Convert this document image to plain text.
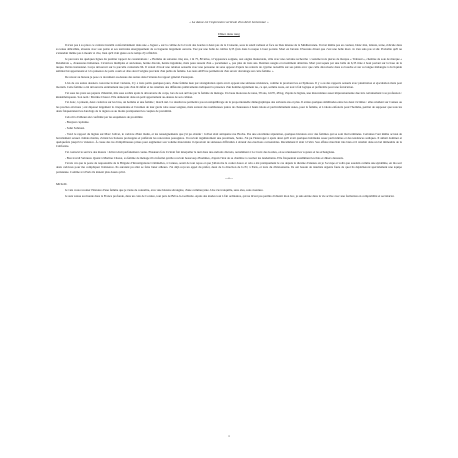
« La danse est l'expression verticale d'un désir horizontal. »
Dîner dans rang

Il n'est pas à sa place ce cadavre installé confortablement dans une « Jaguar » sur la colline de la Croix des Gardes à deux pas de la Croisette, sous le soleil radieux et face au bleu intense de la Méditerranée. Il n'est même pas en couleur, blanc mat, laiteux, terne, ridicule dans sa tenue débraillée, absente avec son patrie et ses testicules énergiquement de sa baguette largement ouverte. Tué par une balle de calibre 6,35 (très dans la nuque à bout portant. Mort en buvant. D'aucuns diront que c'est une belle mort. Je n'en suis pas si sûr. Probable qu'il ne s'attendait même pas à mourir si vite, bien qu'il n'ait guère eu le temps d'y réfléchir.

Je parcours les quelques lignes du premier rapport de constatations : « Homme de soixante cinq ans, 1 m 75, 80 kilos, à l'apparence soignée, aux ongles manucurés, vêtu avec une certaine recherche : costume trois pièces de marque « Trabaud », chemise de soie de marque « Désidérata », chaussures italiennes. Cicatrices multiples et anciennes, hernie discale, hernie inguinale, mais peau ressent d'un « pacemaker », pas plus de trois ans. Dentiers usagés et récemment détartrés. Mort provoquée par une balle de 6,35 tirée à bout portant sur la base de la nuque. Décès instantané. Corps découvert sur la parcelle cadastrale 96. Il venait d'avoir une relation sexuelle avec une personne de sexe opposé d'après les relevés de cyprine recueillis sur ses pénis avec que celle découverte dans sa bouche et sur sa langue mélangée à du liquide séminal lui appartenant et à la présence de poils courts et drus dont l'origine provient d'un pubis de femme. Les tests ADN ne permettront d'en savoir davantage sur cette femme. »

De retour au bureau je pose ce document au-dessus des autres dans l'attente du rapport général d'autopsie.

L'un de ces autres dossiers concerne la mort violente, il y a trois petits quelques jours, d'une femme tuée par strangulation après avoir opposé une sérieuse résistance, comme le prouvent les ecchymoses. Il y a eu des rapports sexuels avec pénétration et ejaculation mais post mortem. Cette femme a été découverte entièrement nue près d'un lit défait et les résultats des différents prélèvements indiquent la présence d'un homme également nu, ce qui, somme toute, est tout à fait logique et préférable pour une fornication.

J'ai sous les yeux ses papiers d'identité, mis sous scellés après la découverte du corps, lors de son arrivée par la femme de ménage. Un beau monceau de nana, 58 ans, 1m70, 48 kg, d'après le légiste, une musculature assez impressionnante due très certainement à sa profession : kinésithérapeute. Son nom : Martine Chazot. Elle demeurait dans un petit appartement au-dessus de son cabinet.

J'ai donc, à présent, deux cadavres sur les bras, un homme et une femme ; match nul. Ce résultat ne permettra pas un rééquilibrage de la proportionnelle démographique des suivants ans et plus. Il existe quelques similitudes entre les deux victimes : elles résident sur Cannes ou les proches environs ; ont dépassé largement la cinquantaine et l'examen de leur garde robe assez soignée, mais surtout des nombreuses paires de chaussures à hauts talons et particulièrement usées, pour la femme, et à talons enfoncés pour l'homme, permet de supposer que tous les deux fréquentaient les dancings de la région ou au moins pratiquaient les couples de proximité.

Cela m'a d'ailleurs été confirmé par les enquêteurs de proximité.

- Bonjour capitaine.

- Salut Sabrussi.

- Voici le rapport du légiste sur Marc Jolivet, le cadavre d'hier matin, et les renseignements que j'ai pu obtenir : Jolivet était antiquaire rue Hoche. Pas une excellente réputation, quelques histoires avec des femmes qui se sont mal terminées. Certaines l'ont même accusé de harcèlement sexuel. Jamais mariés, évitant les liaisons prolongées et préférant les rencontres passagères. Il recevait régulièrement une prostituée, Sonia. J'ai pu l'interroger à après ainsi qu'il avait quelques habitudes assez particulières et des tendances sadiques. Il aimait dominer et quelquefois jusqu'à la violence. À cause des tas d'emplâtreuses prises pour augmenter son volume musculaire il éprouvait de sérieuses difficultés à obtenir des érections convenables. Récemment il était à l'abri. Son affaire marchait très bien et il résidait dans un bel immeuble de la Californie.

J'ai contacté le service des mœurs : Jolivet était parfaitement connu. Plusieurs fois il s'était fait interpeller la nuit dans des endroits discrets, notamment à La Croix des Gardes, où se réunissent les voyeurs et les échangistes.

- Bon travail Sabrussi. Quant à Martine Chazot, sa femme de ménage m'a informé qu'elle recevait beaucoup d'hommes, d'après l'état de sa chambre à coucher les lendemains. Elle fréquentait assidûment les thés et dîners dansants.

J'avais cru que le poste de responsable de la Brigade d'Investigations Criminelles, à Cannes, serait de tout repos et que j'allais me la couler douce et cela a été pratiquement le cas depuis la dizaine d'années où je l'occupe et voilà que soudain comme une épidémie, en ma sort deux cadavres pour me compliquer l'existence. Ils auraient pu aller se faire buter ailleurs. J'ai déjà reçu un appel du préfet, deux de la direction de la PJ, à Paris, et trois du divisionnaire. Ils ont besoin de résultats urgents faute de quoi ils dépêcheront spécialement une équipe parisienne. Comme si à Paris ils étaient plus doués qu'ici.

---o---

Michelle.

Je vais vous raconter l'histoire d'une femme que je viens de connaître, avec une histoire étrangère, d'une commerçante. Une vie tranquille, sans alea, sans aventure.

Je suis venue au monde dans la France profonde, dans un coin de Corrèze, tout près de Brive-la-Gaillarde. Après des études tout à fait ordinaires, qui ne m'ont pas permis d'obtenir mon bac, je suis entrée dans la vie active avec une formation en comptabilité et secrétariat.

1
